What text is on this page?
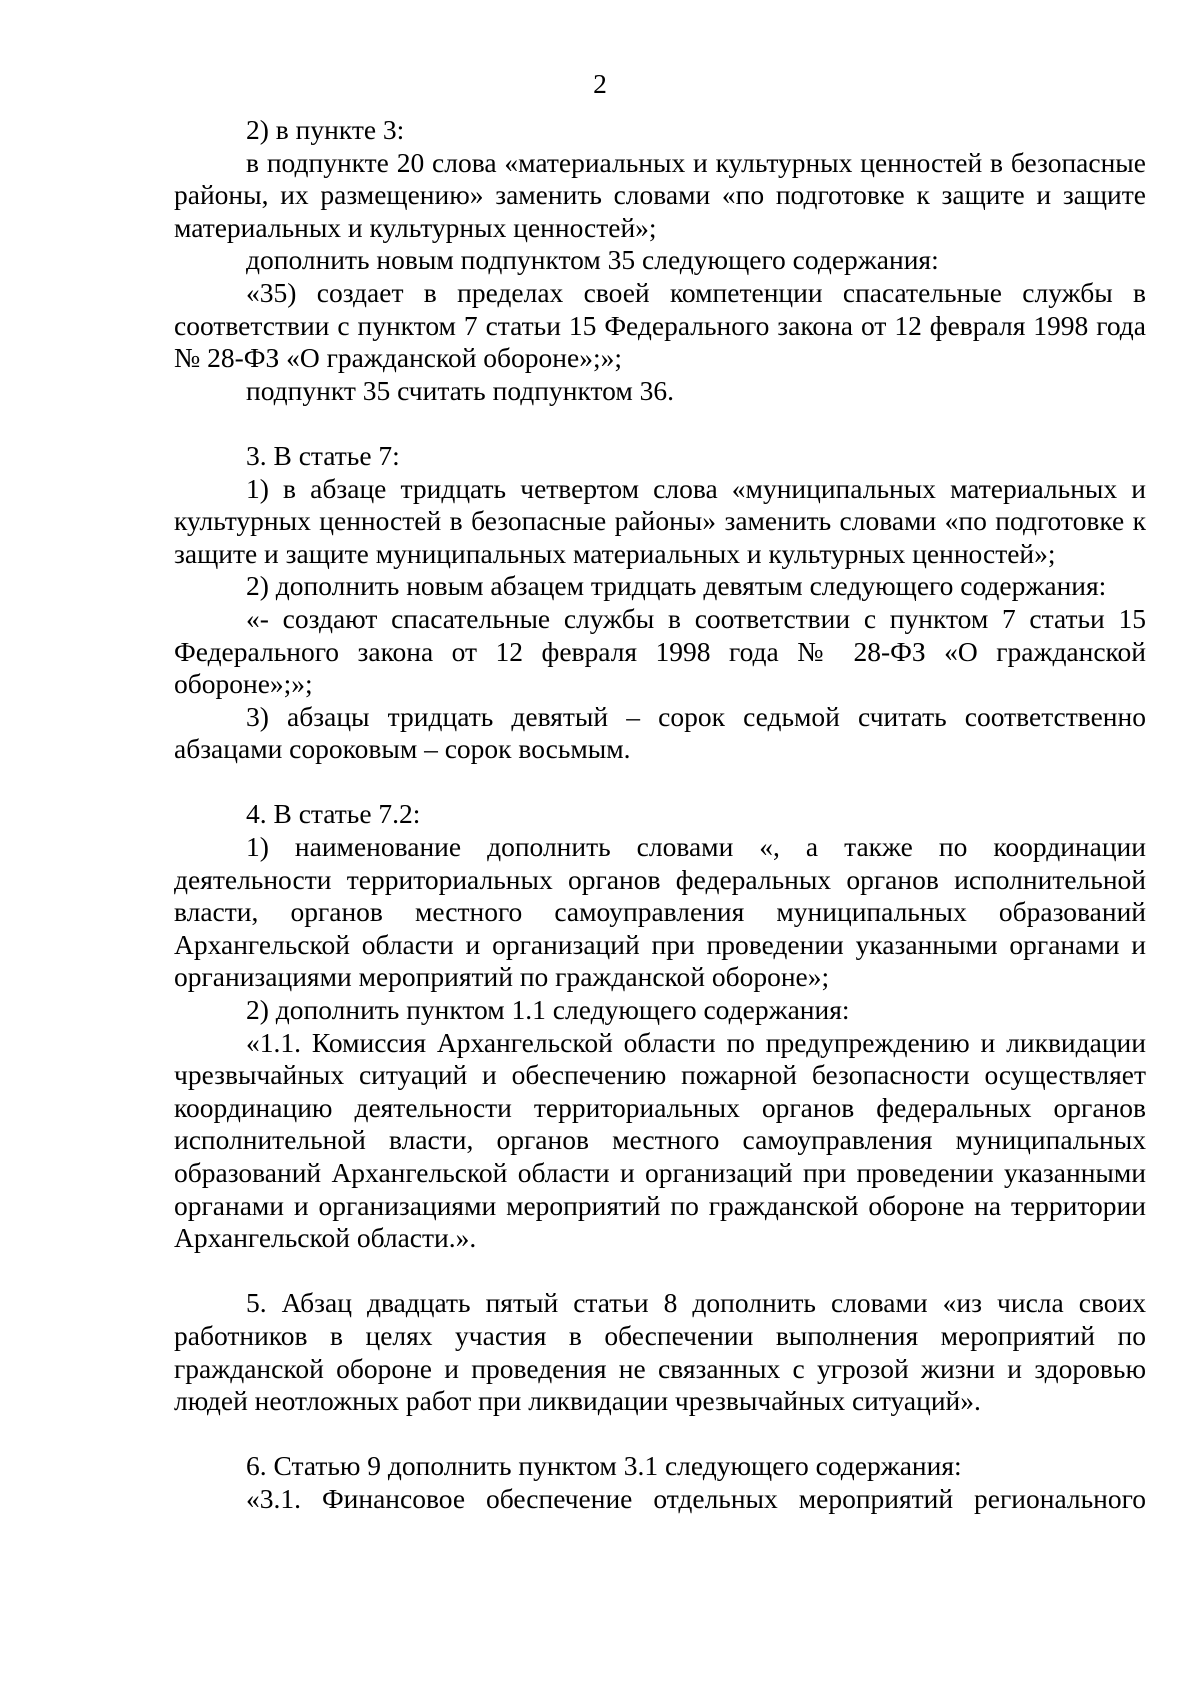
2

2) в пункте 3:

в подпункте 20 слова «материальных и культурных ценностей в безопасные районы, их размещению» заменить словами «по подготовке к защите и защите материальных и культурных ценностей»;

дополнить новым подпунктом 35 следующего содержания:

«35) создает в пределах своей компетенции спасательные службы в соответствии с пунктом 7 статьи 15 Федерального закона от 12 февраля 1998 года № 28-ФЗ «О гражданской обороне»;»;

подпункт 35 считать подпунктом 36.

3. В статье 7:

1) в абзаце тридцать четвертом слова «муниципальных материальных и культурных ценностей в безопасные районы» заменить словами «по подготовке к защите и защите муниципальных материальных и культурных ценностей»;

2) дополнить новым абзацем тридцать девятым следующего содержания:

«- создают спасательные службы в соответствии с пунктом 7 статьи 15 Федерального закона от 12 февраля 1998 года № 28-ФЗ «О гражданской обороне»;»;

3) абзацы тридцать девятый – сорок седьмой считать соответственно абзацами сороковым – сорок восьмым.

4. В статье 7.2:

1) наименование дополнить словами «, а также по координации деятельности территориальных органов федеральных органов исполнительной власти, органов местного самоуправления муниципальных образований Архангельской области и организаций при проведении указанными органами и организациями мероприятий по гражданской обороне»;

2) дополнить пунктом 1.1 следующего содержания:

«1.1. Комиссия Архангельской области по предупреждению и ликвидации чрезвычайных ситуаций и обеспечению пожарной безопасности осуществляет координацию деятельности территориальных органов федеральных органов исполнительной власти, органов местного самоуправления муниципальных образований Архангельской области и организаций при проведении указанными органами и организациями мероприятий по гражданской обороне на территории Архангельской области.».

5. Абзац двадцать пятый статьи 8 дополнить словами «из числа своих работников в целях участия в обеспечении выполнения мероприятий по гражданской обороне и проведения не связанных с угрозой жизни и здоровью людей неотложных работ при ликвидации чрезвычайных ситуаций».

6. Статью 9 дополнить пунктом 3.1 следующего содержания:

«3.1. Финансовое обеспечение отдельных мероприятий регионального
